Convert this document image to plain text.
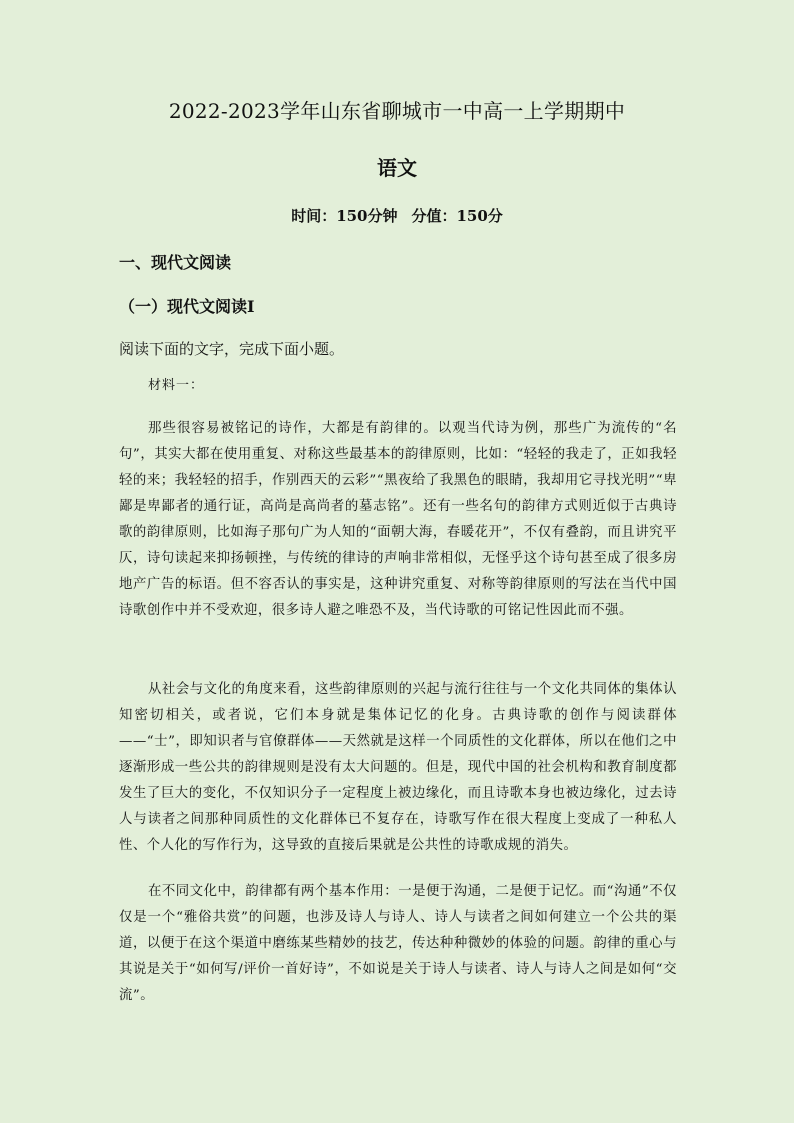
2022-2023学年山东省聊城市一中高一上学期期中
语文
时间：150分钟 分值：150分
一、现代文阅读
（一）现代文阅读Ⅰ
阅读下面的文字，完成下面小题。
材料一：

那些很容易被铭记的诗作，大都是有韵律的。以观当代诗为例，那些广为流传的“名句”，其实大都在使用重复、对称这些最基本的韵律原则，比如：“轻轻的我走了，正如我轻轻的来；我轻轻的招手，作别西天的云彩”“黑夜给了我黑色的眼睛，我却用它寻找光明”“卑鄙是卑鄙者的通行证，高尚是高尚者的墓志铭”。还有一些名句的韵律方式则近似于古典诗歌的韵律原则，比如海子那句广为人知的“面朝大海，春暖花开”，不仅有叠韵，而且讲究平仄，诗句读起来抑扬顿挫，与传统的律诗的声响非常相似，无怪乎这个诗句甚至成了很多房地产广告的标语。但不容否认的事实是，这种讲究重复、对称等韵律原则的写法在当代中国诗歌创作中并不受欢迎，很多诗人避之唯恐不及，当代诗歌的可铭记性因此而不强。

从社会与文化的角度来看，这些韵律原则的兴起与流行往往与一个文化共同体的集体认知密切相关，或者说，它们本身就是集体记忆的化身。古典诗歌的创作与阅读群体——“士”，即知识者与官僚群体——天然就是这样一个同质性的文化群体，所以在他们之中逐渐形成一些公共的韵律规则是没有太大问题的。但是，现代中国的社会机构和教育制度都发生了巨大的变化，不仅知识分子一定程度上被边缘化，而且诗歌本身也被边缘化，过去诗人与读者之间那种同质性的文化群体已不复存在，诗歌写作在很大程度上变成了一种私人性、个人化的写作行为，这导致的直接后果就是公共性的诗歌成规的消失。

在不同文化中，韵律都有两个基本作用：一是便于沟通，二是便于记忆。而“沟通”不仅仅是一个“雅俗共赏”的问题，也涉及诗人与诗人、诗人与读者之间如何建立一个公共的渠道，以便于在这个渠道中磨练某些精妙的技艺，传达种种微妙的体验的问题。韵律的重心与其说是关于“如何写/评价一首好诗”，不如说是关于诗人与读者、诗人与诗人之间是如何“交流”。
